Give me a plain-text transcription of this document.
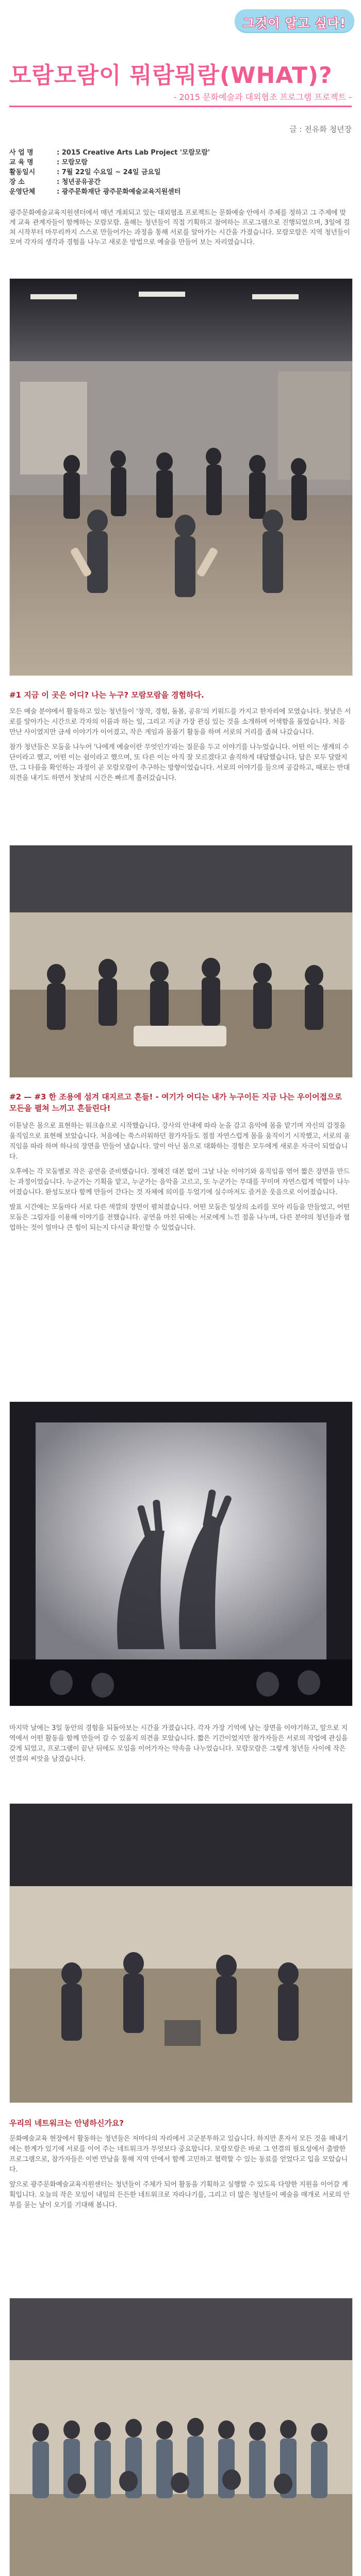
그것이 알고 싶다!
모람모람이 뭐람뭐람(WHAT)?
- 2015 문화예술과 대외협조 프로그램 프로젝트 -
글 : 전유화 청년장
사 업 명	: 2015 Creative Arts Lab Project '모람모람'
교 육 명	: 모람모람
활동일시	: 7월 22일 수요일 ~ 24일 금요일
장 소	: 청년공유공간
운영단체	: 광주문화재단 광주문화예술교육지원센터
광주문화예술교육지원센터에서 매년 개최되고 있는 대외협조 프로젝트는 문화예술 안에서 주제를 정하고 그 주제에 맞게 교육 관계자들이 함께하는 모람모람. 올해는 청년들이 직접 기획하고 참여하는 프로그램으로 진행되었으며, 3일에 걸쳐 시작부터 마무리까지 스스로 만들어가는 과정을 통해 서로를 알아가는 시간을 가졌습니다. 모람모람은 지역 청년들이 모여 각자의 생각과 경험을 나누고 새로운 방법으로 예술을 만들어 보는 자리였습니다.
#1 지금 이 곳은 어디? 나는 누구? 모람모람을 경험하다.

모든 예술 분야에서 활동하고 있는 청년들이 '창작, 경험, 돌봄, 공유'의 키워드를 가지고 한자리에 모였습니다. 첫날은 서로를 알아가는 시간으로 각자의 이름과 하는 일, 그리고 지금 가장 관심 있는 것을 소개하며 어색함을 풀었습니다. 처음 만난 사이였지만 금세 이야기가 이어졌고, 작은 게임과 몸풀기 활동을 하며 서로의 거리를 좁혀 나갔습니다.

참가 청년들은 모둠을 나누어 '나에게 예술이란 무엇인가'라는 질문을 두고 이야기를 나누었습니다. 어떤 이는 생계의 수단이라고 했고, 어떤 이는 쉼이라고 했으며, 또 다른 이는 아직 잘 모르겠다고 솔직하게 대답했습니다. 답은 모두 달랐지만, 그 다름을 확인하는 과정이 곧 모람모람이 추구하는 방향이었습니다. 서로의 이야기를 들으며 공감하고, 때로는 반대 의견을 내기도 하면서 첫날의 시간은 빠르게 흘러갔습니다.

#2 — #3 한 조용에 섬겨 대지르고 흔들! - 여기가 어디는 내가 누구이든 지금 나는 우이어접으로 모든을 펼쳐 느끼고 흔들린다!

이튿날은 몸으로 표현하는 워크숍으로 시작했습니다. 강사의 안내에 따라 눈을 감고 음악에 몸을 맡기며 자신의 감정을 움직임으로 표현해 보았습니다. 처음에는 쑥스러워하던 참가자들도 점점 자연스럽게 몸을 움직이기 시작했고, 서로의 움직임을 따라 하며 하나의 장면을 만들어 냈습니다. 말이 아닌 몸으로 대화하는 경험은 모두에게 새로운 자극이 되었습니다.

오후에는 각 모둠별로 작은 공연을 준비했습니다. 정해진 대본 없이 그날 나눈 이야기와 움직임을 엮어 짧은 장면을 만드는 과정이었습니다. 누군가는 기획을 맡고, 누군가는 음악을 고르고, 또 누군가는 무대를 꾸미며 자연스럽게 역할이 나누어졌습니다. 완성도보다 함께 만들어 간다는 것 자체에 의미를 두었기에 실수마저도 즐거운 웃음으로 이어졌습니다.

발표 시간에는 모둠마다 서로 다른 색깔의 장면이 펼쳐졌습니다. 어떤 모둠은 일상의 소리를 모아 리듬을 만들었고, 어떤 모둠은 그림자를 이용해 이야기를 전했습니다. 공연을 마친 뒤에는 서로에게 느낀 점을 나누며, 다른 분야의 청년들과 협업하는 것이 얼마나 큰 힘이 되는지 다시금 확인할 수 있었습니다.

마지막 날에는 3일 동안의 경험을 되돌아보는 시간을 가졌습니다. 각자 가장 기억에 남는 장면을 이야기하고, 앞으로 지역에서 어떤 활동을 함께 만들어 갈 수 있을지 의견을 모았습니다. 짧은 기간이었지만 참가자들은 서로의 작업에 관심을 갖게 되었고, 프로그램이 끝난 뒤에도 모임을 이어가자는 약속을 나누었습니다. 모람모람은 그렇게 청년들 사이에 작은 연결의 씨앗을 남겼습니다.

우리의 네트워크는 안녕하신가요?

문화예술교육 현장에서 활동하는 청년들은 저마다의 자리에서 고군분투하고 있습니다. 하지만 혼자서 모든 것을 해내기에는 한계가 있기에 서로를 이어 주는 네트워크가 무엇보다 중요합니다. 모람모람은 바로 그 연결의 필요성에서 출발한 프로그램으로, 참가자들은 이번 만남을 통해 지역 안에서 함께 고민하고 협력할 수 있는 동료를 얻었다고 입을 모았습니다.

앞으로 광주문화예술교육지원센터는 청년들이 주체가 되어 활동을 기획하고 실행할 수 있도록 다양한 지원을 이어갈 계획입니다. 오늘의 작은 모임이 내일의 든든한 네트워크로 자라나기를, 그리고 더 많은 청년들이 예술을 매개로 서로의 안부를 묻는 날이 오기를 기대해 봅니다.
